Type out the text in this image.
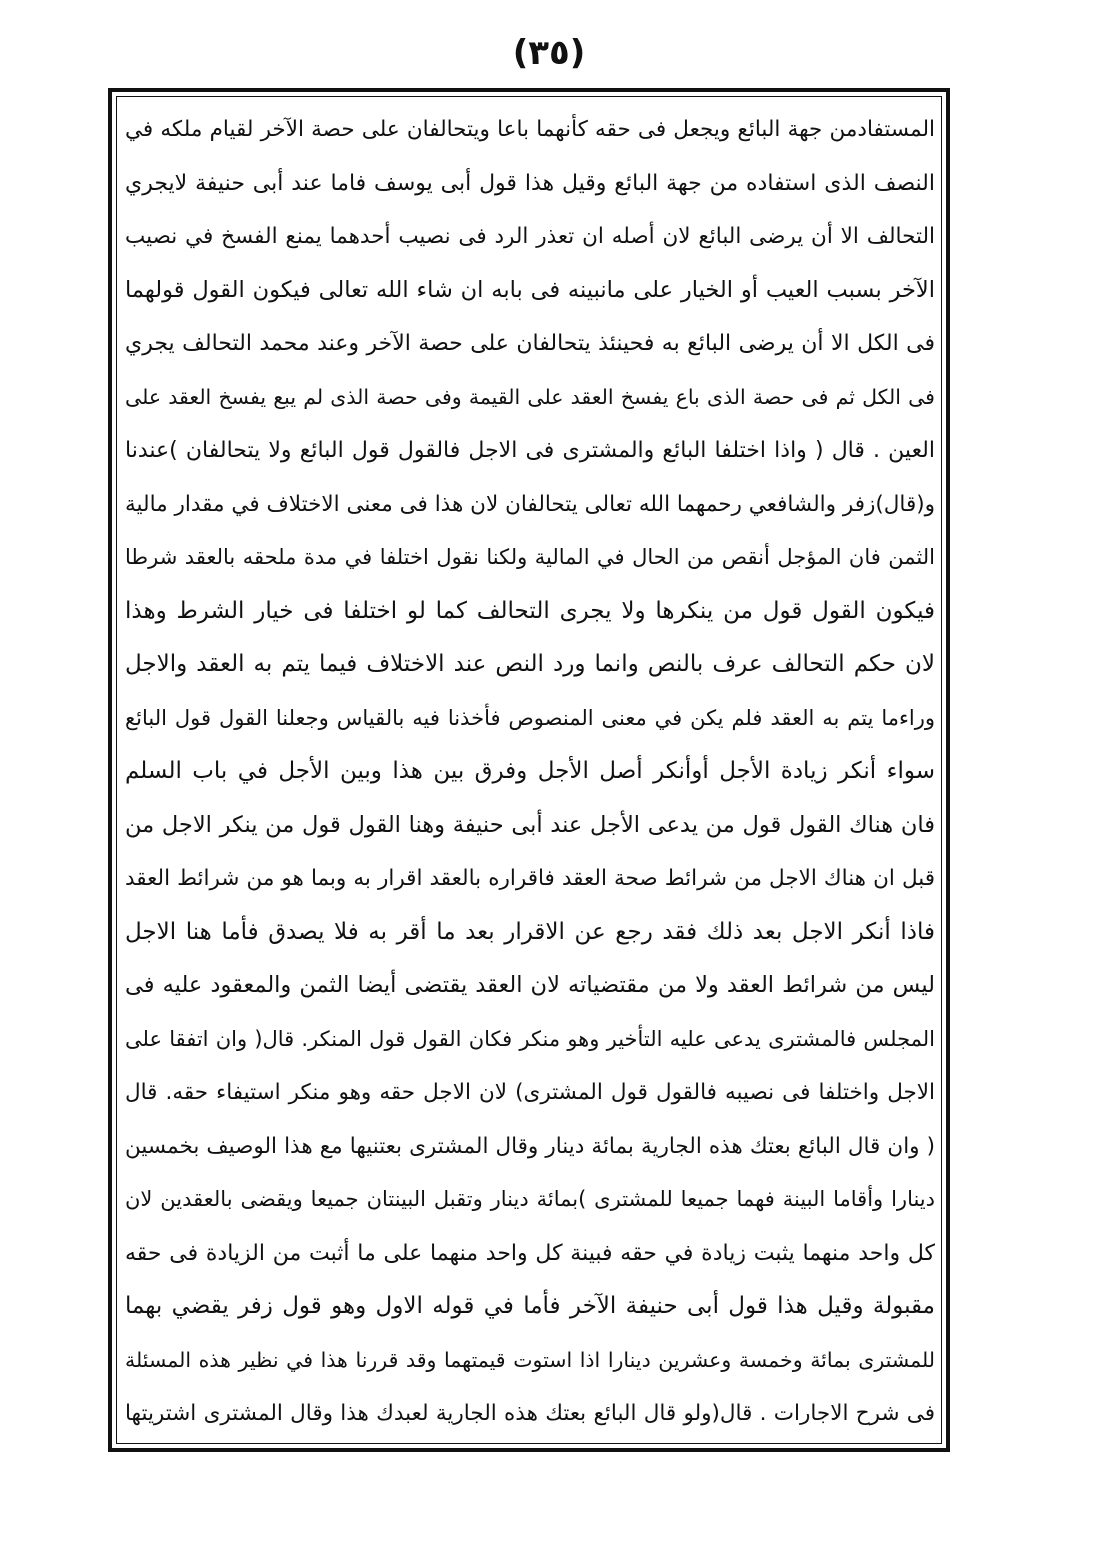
(٣٥)
المستفادمن جهة البائع ويجعل فى حقه كأنهما باعا ويتحالفان على حصة الآخر لقيام ملكه في
النصف الذى استفاده من جهة البائع وقيل هذا قول أبى يوسف فاما عند أبى حنيفة لايجري
التحالف الا أن يرضى البائع لان أصله ان تعذر الرد فى نصيب أحدهما يمنع الفسخ في نصيب
الآخر بسبب العيب أو الخيار على مانبينه فى بابه ان شاء الله تعالى فيكون القول قولهما
فى الكل الا أن يرضى البائع به فحينئذ يتحالفان على حصة الآخر وعند محمد التحالف يجري
فى الكل ثم فى حصة الذى باع يفسخ العقد على القيمة وفى حصة الذى لم يبع يفسخ العقد على
العين . قال ( واذا اختلفا البائع والمشترى فى الاجل فالقول قول البائع ولا يتحالفان )عندنا
و(قال)زفر والشافعي رحمهما الله تعالى يتحالفان لان هذا فى معنى الاختلاف في مقدار مالية
الثمن فان المؤجل أنقص من الحال في المالية ولكنا نقول اختلفا في مدة ملحقه بالعقد شرطا
فيكون القول قول من ينكرها ولا يجرى التحالف كما لو اختلفا فى خيار الشرط وهذا
لان حكم التحالف عرف بالنص وانما ورد النص عند الاختلاف فيما يتم به العقد والاجل
وراءما يتم به العقد فلم يكن في معنى المنصوص فأخذنا فيه بالقياس وجعلنا القول قول البائع
سواء أنكر زيادة الأجل أوأنكر أصل الأجل وفرق بين هذا وبين الأجل في باب السلم
فان هناك القول قول من يدعى الأجل عند أبى حنيفة وهنا القول قول من ينكر الاجل من
قبل ان هناك الاجل من شرائط صحة العقد فاقراره بالعقد اقرار به وبما هو من شرائط العقد
فاذا أنكر الاجل بعد ذلك فقد رجع عن الاقرار بعد ما أقر به فلا يصدق فأما هنا الاجل
ليس من شرائط العقد ولا من مقتضياته لان العقد يقتضى أيضا الثمن والمعقود عليه فى
المجلس فالمشترى يدعى عليه التأخير وهو منكر فكان القول قول المنكر. قال( وان اتفقا على
الاجل واختلفا فى نصيبه فالقول قول المشترى) لان الاجل حقه وهو منكر استيفاء حقه. قال
( وان قال البائع بعتك هذه الجارية بمائة دينار وقال المشترى بعتنيها مع هذا الوصيف بخمسين
دينارا وأقاما البينة فهما جميعا للمشترى )بمائة دينار وتقبل البينتان جميعا ويقضى بالعقدين لان
كل واحد منهما يثبت زيادة في حقه فبينة كل واحد منهما على ما أثبت من الزيادة فى حقه
مقبولة وقيل هذا قول أبى حنيفة الآخر فأما في قوله الاول وهو قول زفر يقضي بهما
للمشترى بمائة وخمسة وعشرين دينارا اذا استوت قيمتهما وقد قررنا هذا في نظير هذه المسئلة
فى شرح الاجارات . قال(ولو قال البائع بعتك هذه الجارية لعبدك هذا وقال المشترى اشتريتها
